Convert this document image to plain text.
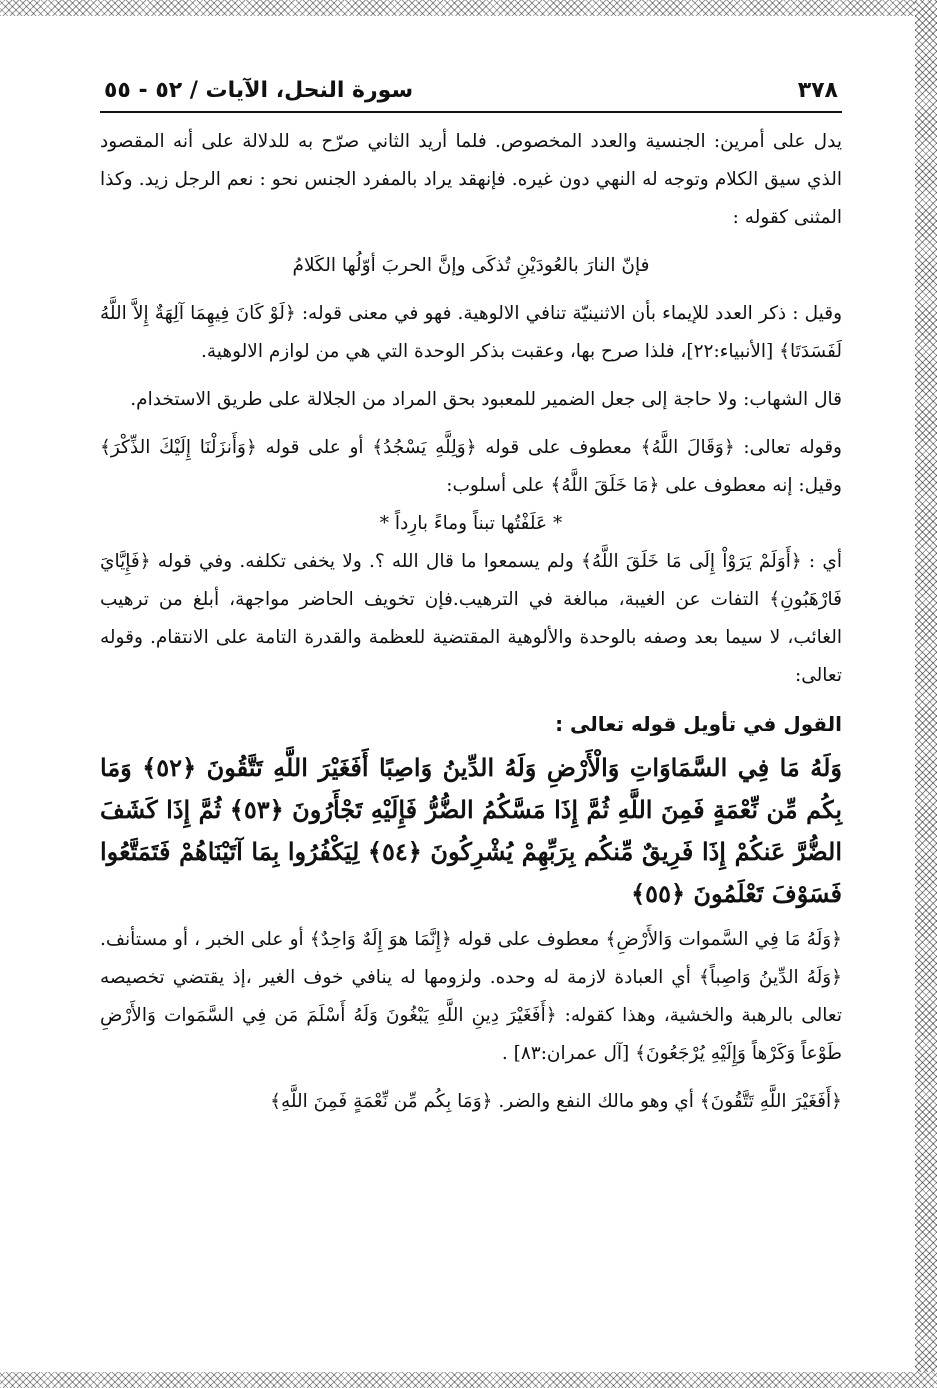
٣٧٨
سورة النحل، الآيات / ٥٢ - ٥٥

يدل على أمرين: الجنسية والعدد المخصوص. فلما أريد الثاني صرّح به للدلالة على أنه المقصود الذي سيق الكلام وتوجه له النهي دون غيره. فإنهقد يراد بالمفرد الجنس نحو : نعم الرجل زيد. وكذا المثنى كقوله :

فإنّ النارَ بالعُودَيْنِ تُذكَى وإنَّ الحربَ أوّلُها الكَلامُ

وقيل : ذكر العدد للإيماء بأن الاثنينيّة تنافي الالوهية. فهو في معنى قوله: ﴿لَوْ كَانَ فِيهِمَا آلِهَةٌ إِلاَّ اللَّهُ لَفَسَدَتَا﴾ [الأنبياء:٢٢]، فلذا صرح بها، وعقبت بذكر الوحدة التي هي من لوازم الالوهية.

قال الشهاب: ولا حاجة إلى جعل الضمير للمعبود بحق المراد من الجلالة على طريق الاستخدام.

وقوله تعالى: ﴿وَقَالَ اللَّهُ﴾ معطوف على قوله ﴿وَلِلَّهِ يَسْجُدُ﴾ أو على قوله ﴿وَأَنزَلْنَا إِلَيْكَ الذِّكْرَ﴾ وقيل: إنه معطوف على ﴿مَا خَلَقَ اللَّهُ﴾ على أسلوب:

* عَلَفْتُها تبناً وماءً بارِداً *

أي : ﴿أَوَلَمْ يَرَوْاْ إِلَى مَا خَلَقَ اللَّهُ﴾ ولم يسمعوا ما قال الله ؟. ولا يخفى تكلفه. وفي قوله ﴿فَإِيَّايَ فَارْهَبُونِ﴾ التفات عن الغيبة، مبالغة في الترهيب.فإن تخويف الحاضر مواجهة، أبلغ من ترهيب الغائب، لا سيما بعد وصفه بالوحدة والألوهية المقتضية للعظمة والقدرة التامة على الانتقام. وقوله تعالى:

القول في تأويل قوله تعالى :
وَلَهُ مَا فِي السَّمَاوَاتِ وَالْأَرْضِ وَلَهُ الدِّينُ وَاصِبًا أَفَغَيْرَ اللَّهِ تَتَّقُونَ ﴿٥٢﴾ وَمَا بِكُم مِّن نِّعْمَةٍ فَمِنَ اللَّهِ ثُمَّ إِذَا مَسَّكُمُ الضُّرُّ فَإِلَيْهِ تَجْأَرُونَ ﴿٥٣﴾ ثُمَّ إِذَا كَشَفَ الضُّرَّ عَنكُمْ إِذَا فَرِيقٌ مِّنكُم بِرَبِّهِمْ يُشْرِكُونَ ﴿٥٤﴾ لِيَكْفُرُوا بِمَا آتَيْنَاهُمْ فَتَمَتَّعُوا فَسَوْفَ تَعْلَمُونَ ﴿٥٥﴾

﴿وَلَهُ مَا فِي السَّموات وَالأَرْضِ﴾ معطوف على قوله ﴿إِنَّمَا هوَ إِلَهٌ وَاحِدٌ﴾ أو على الخبر ، أو مستأنف. ﴿وَلَهُ الدِّينُ وَاصِباً﴾ أي العبادة لازمة له وحده. ولزومها له ينافي خوف الغير ،إذ يقتضي تخصيصه تعالى بالرهبة والخشية، وهذا كقوله: ﴿أَفَغَيْرَ دِينِ اللَّهِ يَبْغُونَ وَلَهُ أَسْلَمَ مَن فِي السَّمَوات وَالأَرْضِ طَوْعاً وَكَرْهاً وَإِلَيْهِ يُرْجَعُونَ﴾ [آل عمران:٨٣] .

﴿أَفَغَيْرَ اللَّهِ تَتَّقُونَ﴾ أي وهو مالك النفع والضر. ﴿وَمَا بِكُم مِّن نِّعْمَةٍ فَمِنَ اللَّهِ﴾
